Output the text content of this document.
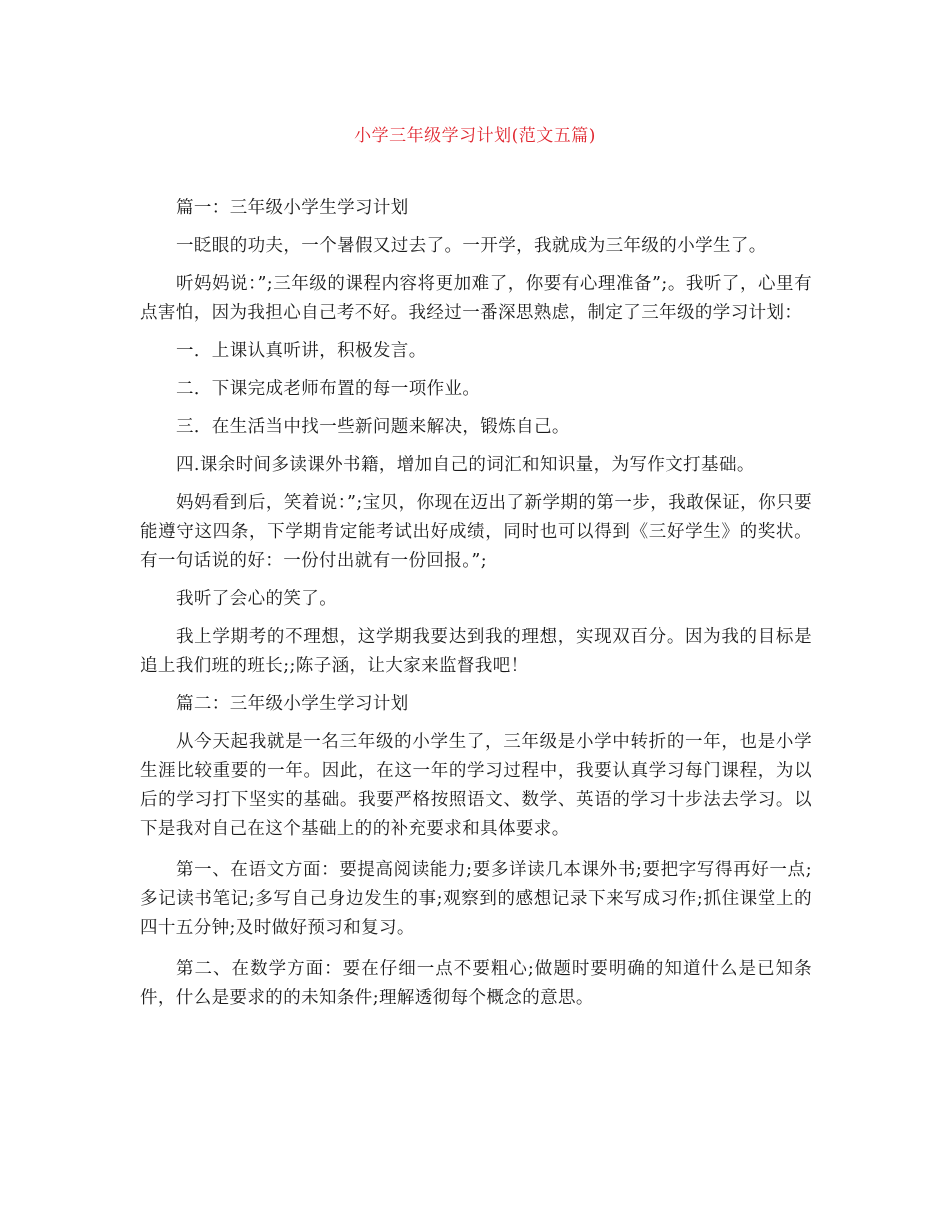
小学三年级学习计划(范文五篇)

篇一：三年级小学生学习计划

一眨眼的功夫，一个暑假又过去了。一开学，我就成为三年级的小学生了。

听妈妈说：”;三年级的课程内容将更加难了，你要有心理准备”;。我听了，心里有点害怕，因为我担心自己考不好。我经过一番深思熟虑，制定了三年级的学习计划：

一．上课认真听讲，积极发言。

二．下课完成老师布置的每一项作业。

三．在生活当中找一些新问题来解决，锻炼自己。

四.课余时间多读课外书籍，增加自己的词汇和知识量，为写作文打基础。

妈妈看到后，笑着说：”;宝贝，你现在迈出了新学期的第一步，我敢保证，你只要能遵守这四条，下学期肯定能考试出好成绩，同时也可以得到《三好学生》的奖状。有一句话说的好：一份付出就有一份回报。”;

我听了会心的笑了。

我上学期考的不理想，这学期我要达到我的理想，实现双百分。因为我的目标是追上我们班的班长;;陈子涵，让大家来监督我吧！

篇二：三年级小学生学习计划

从今天起我就是一名三年级的小学生了，三年级是小学中转折的一年，也是小学生涯比较重要的一年。因此，在这一年的学习过程中，我要认真学习每门课程，为以后的学习打下坚实的基础。我要严格按照语文、数学、英语的学习十步法去学习。以下是我对自己在这个基础上的的补充要求和具体要求。

第一、在语文方面：要提高阅读能力;要多详读几本课外书;要把字写得再好一点;多记读书笔记;多写自己身边发生的事;观察到的感想记录下来写成习作;抓住课堂上的四十五分钟;及时做好预习和复习。

第二、在数学方面：要在仔细一点不要粗心;做题时要明确的知道什么是已知条件，什么是要求的的未知条件;理解透彻每个概念的意思。
